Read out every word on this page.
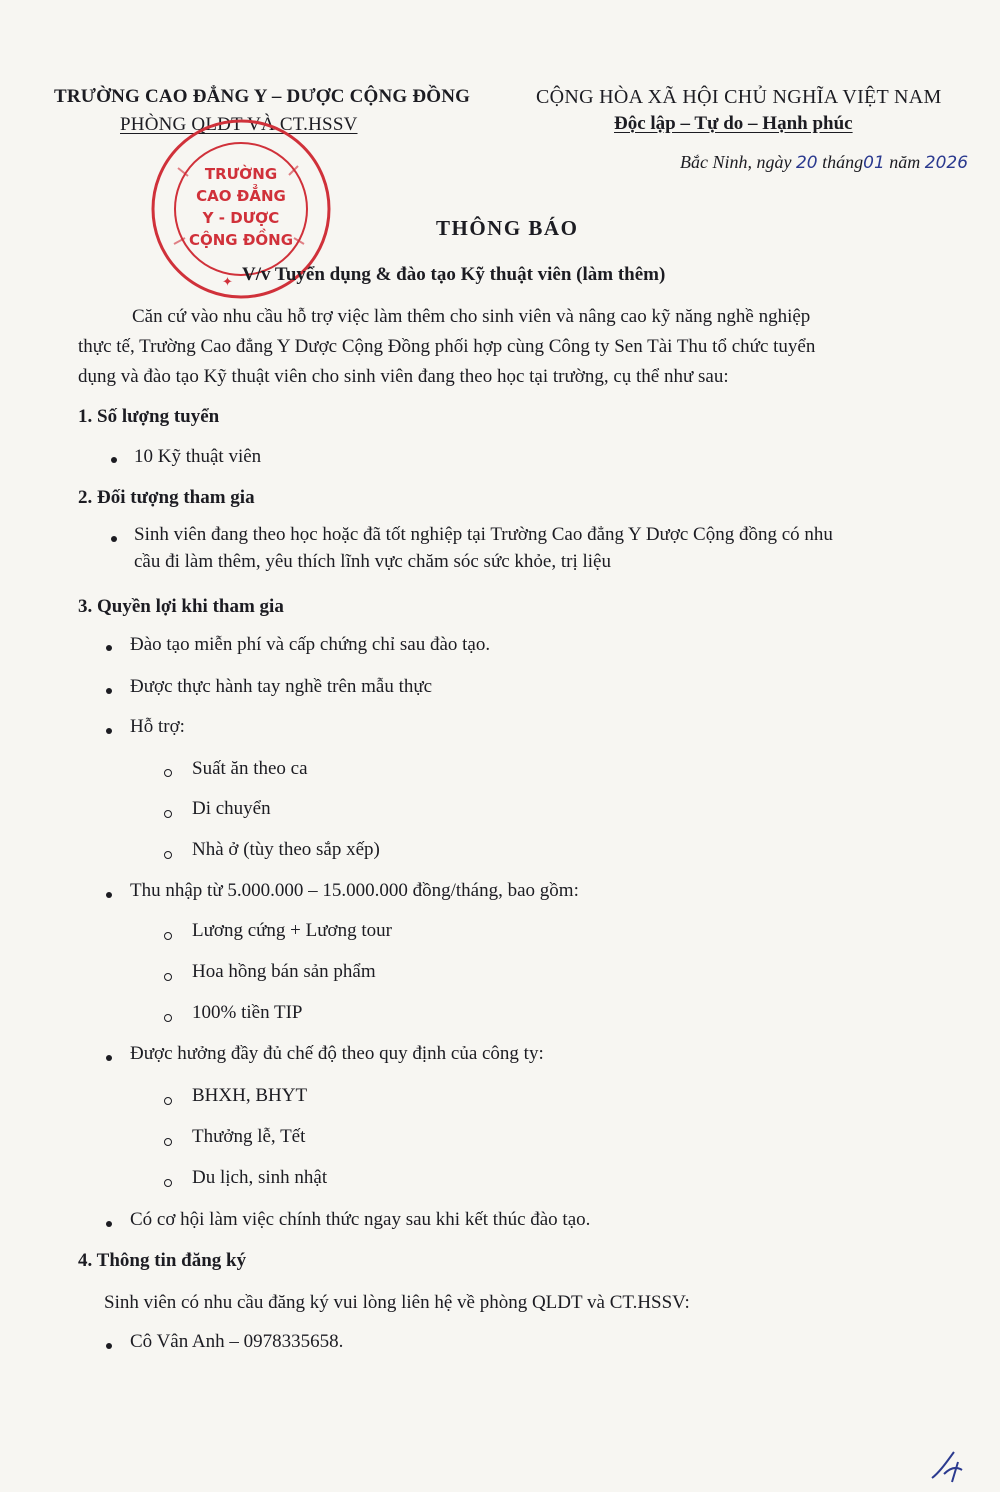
TRƯỜNG CAO ĐẲNG Y – DƯỢC CỘNG ĐỒNG
PHÒNG QLĐT VÀ CT.HSSV
CỘNG HÒA XÃ HỘI CHỦ NGHĨA VIỆT NAM
Độc lập – Tự do – Hạnh phúc
Bắc Ninh, ngày 20 tháng01 năm 2026
✦
TRƯỜNG
CAO ĐẲNG
Y - DƯỢC
CỘNG ĐỒNG	THÔNG BÁO
V/v Tuyển dụng & đào tạo Kỹ thuật viên (làm thêm)
Căn cứ vào nhu cầu hỗ trợ việc làm thêm cho sinh viên và nâng cao kỹ năng nghề nghiệp
thực tế, Trường Cao đẳng Y Dược Cộng Đồng phối hợp cùng Công ty Sen Tài Thu tổ chức tuyển
dụng và đào tạo Kỹ thuật viên cho sinh viên đang theo học tại trường, cụ thể như sau:
1. Số lượng tuyển
10 Kỹ thuật viên
2. Đối tượng tham gia
Sinh viên đang theo học hoặc đã tốt nghiệp tại Trường Cao đẳng Y Dược Cộng đồng có nhu
cầu đi làm thêm, yêu thích lĩnh vực chăm sóc sức khỏe, trị liệu
3. Quyền lợi khi tham gia
Đào tạo miễn phí và cấp chứng chỉ sau đào tạo.
Được thực hành tay nghề trên mẫu thực
Hỗ trợ:
Suất ăn theo ca
Di chuyển
Nhà ở (tùy theo sắp xếp)
Thu nhập từ 5.000.000 – 15.000.000 đồng/tháng, bao gồm:
Lương cứng + Lương tour
Hoa hồng bán sản phẩm
100% tiền TIP
Được hưởng đầy đủ chế độ theo quy định của công ty:
BHXH, BHYT
Thưởng lễ, Tết
Du lịch, sinh nhật
Có cơ hội làm việc chính thức ngay sau khi kết thúc đào tạo.
4. Thông tin đăng ký
Sinh viên có nhu cầu đăng ký vui lòng liên hệ về phòng QLDT và CT.HSSV:
Cô Vân Anh – 0978335658.
